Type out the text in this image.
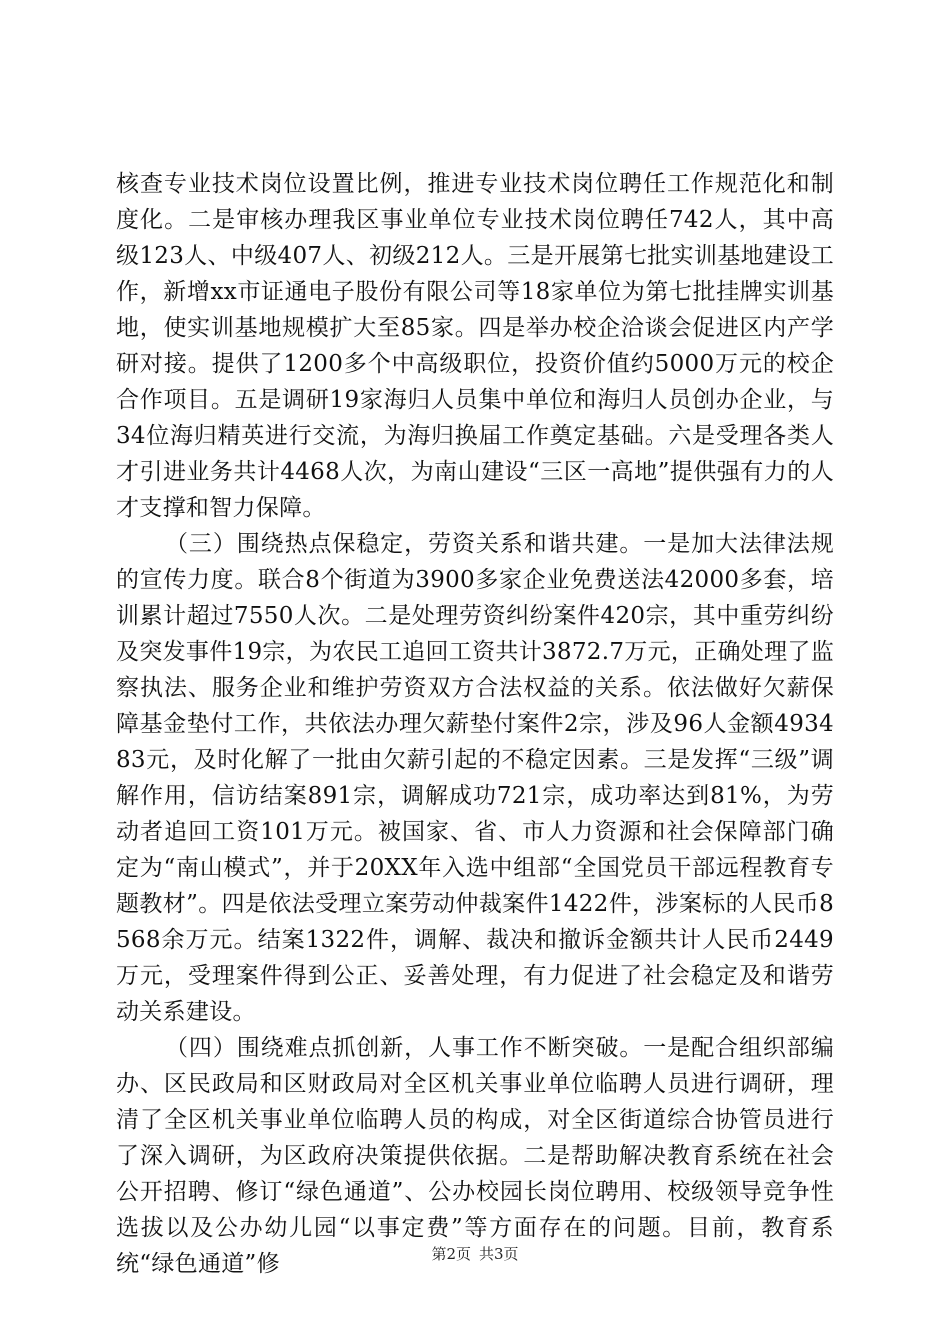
核查专业技术岗位设置比例，推进专业技术岗位聘任工作规范化和制度化。二是审核办理我区事业单位专业技术岗位聘任742人，其中高级123人、中级407人、初级212人。三是开展第七批实训基地建设工作，新增xx市证通电子股份有限公司等18家单位为第七批挂牌实训基地，使实训基地规模扩大至85家。四是举办校企洽谈会促进区内产学研对接。提供了1200多个中高级职位，投资价值约5000万元的校企合作项目。五是调研19家海归人员集中单位和海归人员创办企业，与34位海归精英进行交流，为海归换届工作奠定基础。六是受理各类人才引进业务共计4468人次，为南山建设“三区一高地”提供强有力的人才支撑和智力保障。

（三）围绕热点保稳定，劳资关系和谐共建。一是加大法律法规的宣传力度。联合8个街道为3900多家企业免费送法42000多套，培训累计超过7550人次。二是处理劳资纠纷案件420宗，其中重劳纠纷及突发事件19宗，为农民工追回工资共计3872.7万元，正确处理了监察执法、服务企业和维护劳资双方合法权益的关系。依法做好欠薪保障基金垫付工作，共依法办理欠薪垫付案件2宗，涉及96人金额493483元，及时化解了一批由欠薪引起的不稳定因素。三是发挥“三级”调解作用，信访结案891宗，调解成功721宗，成功率达到81%，为劳动者追回工资101万元。被国家、省、市人力资源和社会保障部门确定为“南山模式”，并于20XX年入选中组部“全国党员干部远程教育专题教材”。四是依法受理立案劳动仲裁案件1422件，涉案标的人民币8568余万元。结案1322件，调解、裁决和撤诉金额共计人民币2449万元，受理案件得到公正、妥善处理，有力促进了社会稳定及和谐劳动关系建设。

（四）围绕难点抓创新，人事工作不断突破。一是配合组织部编办、区民政局和区财政局对全区机关事业单位临聘人员进行调研，理清了全区机关事业单位临聘人员的构成，对全区街道综合协管员进行了深入调研，为区政府决策提供依据。二是帮助解决教育系统在社会公开招聘、修订“绿色通道”、公办校园长岗位聘用、校级领导竞争性选拔以及公办幼儿园“以事定费”等方面存在的问题。目前，教育系统“绿色通道”修	第2页 共3页
